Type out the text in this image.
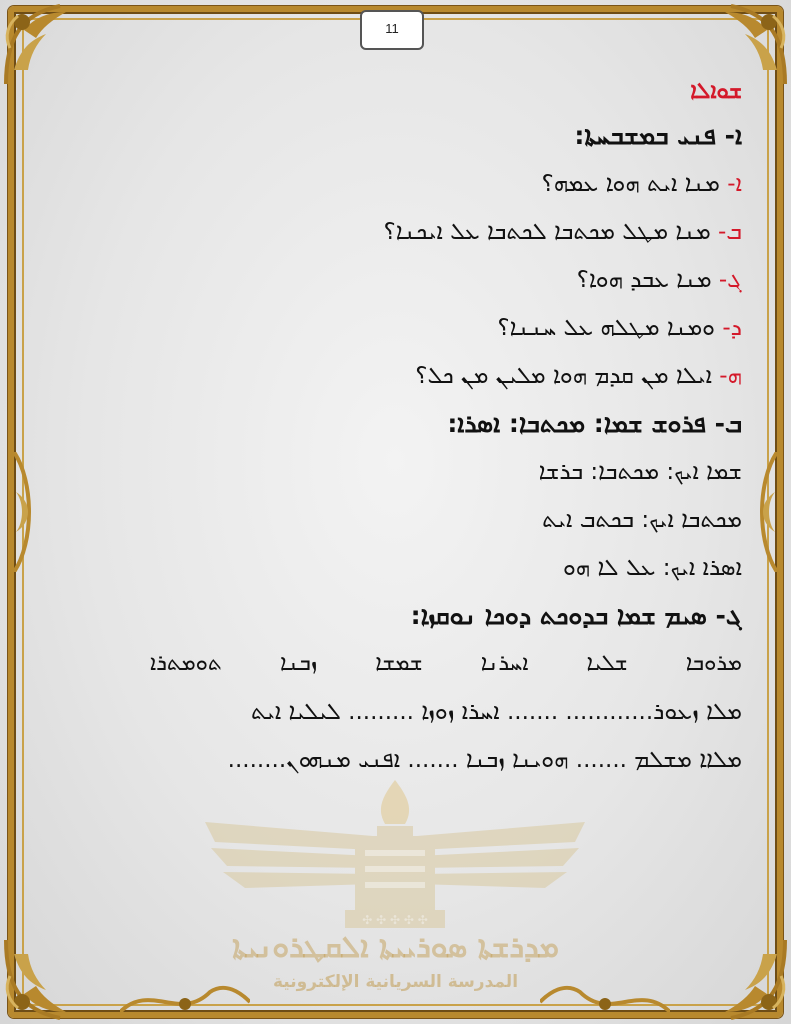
11
✣ ✣ ✣ ✣ ✣
ܡܕܪܫܬܐ ܣܘܪܝܝܬܐ ܐܠܩܛܪܘܢܝܬܐ
المدرسة السريانية الإلكترونية
ܫܘܐܠܐ
ܐ- ܦܢܝ ܒܡܫܒܚܬܐ:
ܐ- ܡܢܐ ܐܝܬ ܗܘܐ ܥܡܗ؟
ܒ- ܡܢܐ ܡܛܠ ܡܟܬܒܐ ܠܟܬܒܐ ܥܠ ܐܝܟܢܐ؟
ܓ- ܡܢܐ ܥܒܕ ܗܘܐ؟
ܕ- ܘܡܢܐ ܡܛܠܗ ܥܠ ܚܢܢܐ؟
ܗ- ܐܝܠܐ ܡܢ ܩܕܡ ܗܘܐ ܡܠܝܢ ܡܢ ܟܠ؟
ܒ- ܦܪܘܫ ܫܡܐ: ܡܟܬܒܐ: ܐܣܪܐ:
ܫܡܐ ܐܝܟ: ܡܟܬܒܐ: ܒܪܫܐ
ܡܟܬܒܐ ܐܝܟ: ܒܟܬܒ ܐܝܬ
ܐܣܪܐ ܐܝܟ: ܥܠ ܠܐ ܗܘ
ܓ- ܣܝܡ ܫܡܐ ܒܕܘܟܬ ܕܘܟܐ ܢܘܩܙܐ:
ܡܪܘܒܐ
ܫܠܝܐ
ܐܚܪܢܐ
ܫܡܫܐ
ܙܒܢܐ
ܬܘܡܬܪܐ
ܡܠܐ ܙܥܘܪ............ ....... ܐܚܪܐ ܙܘܙܐ ......... ܠܝܠܝܐ ܐܝܬ
ܡܠܐܐ ܡܫܠܡ ....... ܗܘܝܢܐ ܙܒܢܐ ....... ܐܦܢܝ ܡܢܗܘܢ........
